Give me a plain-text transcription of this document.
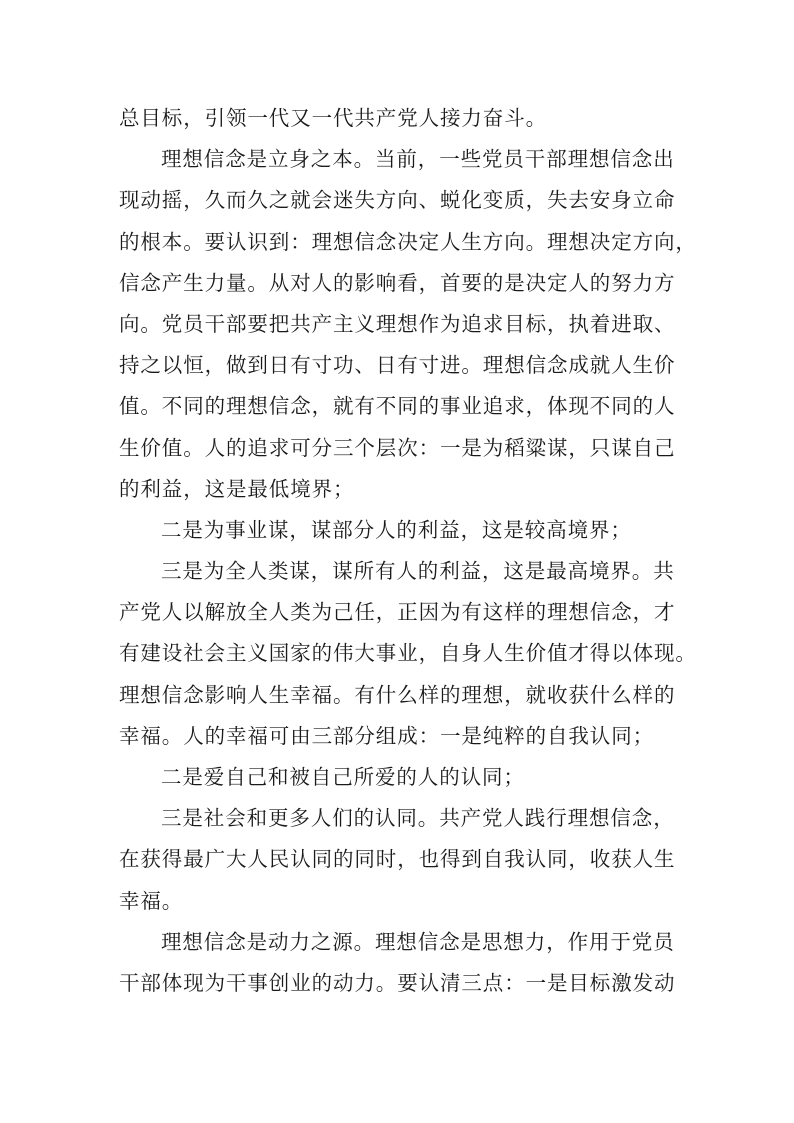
总目标，引领一代又一代共产党人接力奋斗。
理想信念是立身之本。当前，一些党员干部理想信念出
现动摇，久而久之就会迷失方向、蜕化变质，失去安身立命
的根本。要认识到：理想信念决定人生方向。理想决定方向，
信念产生力量。从对人的影响看，首要的是决定人的努力方
向。党员干部要把共产主义理想作为追求目标，执着进取、
持之以恒，做到日有寸功、日有寸进。理想信念成就人生价
值。不同的理想信念，就有不同的事业追求，体现不同的人
生价值。人的追求可分三个层次：一是为稻粱谋，只谋自己
的利益，这是最低境界；
二是为事业谋，谋部分人的利益，这是较高境界；
三是为全人类谋，谋所有人的利益，这是最高境界。共
产党人以解放全人类为己任，正因为有这样的理想信念，才
有建设社会主义国家的伟大事业，自身人生价值才得以体现。
理想信念影响人生幸福。有什么样的理想，就收获什么样的
幸福。人的幸福可由三部分组成：一是纯粹的自我认同；
二是爱自己和被自己所爱的人的认同；
三是社会和更多人们的认同。共产党人践行理想信念，
在获得最广大人民认同的同时，也得到自我认同，收获人生
幸福。
理想信念是动力之源。理想信念是思想力，作用于党员
干部体现为干事创业的动力。要认清三点：一是目标激发动
